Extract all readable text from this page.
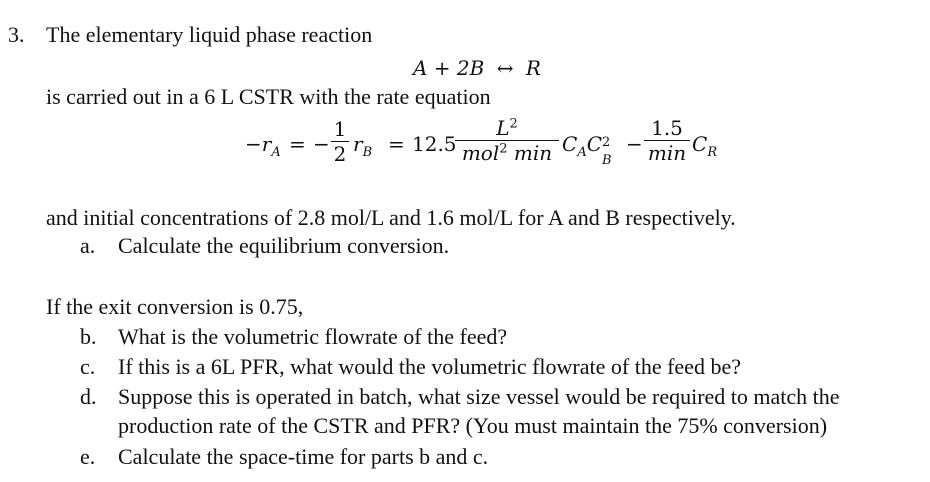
3. The elementary liquid phase reaction
A + 2B ↔ R
is carried out in a 6 L CSTR with the rate equation
$-r_A$ = −
1
2 $r_B = 12.5$
$L^2$
mol$^2$ $\min C_AC$ 2
B
−
1.5
$\min C_R$
and initial concentrations of 2.8 mol/L and 1.6 mol/L for A and B respectively.
a. Calculate the equilibrium conversion.
If the exit conversion is 0.75,
b. What is the volumetric flowrate of the feed?
c. If this is a 6L PFR, what would the volumetric flowrate of the feed be?
d. Suppose this is operated in batch, what size vessel would be required to match the
production rate of the CSTR and PFR? (You must maintain the 75% conversion)
e. Calculate the space-time for parts b and c.
